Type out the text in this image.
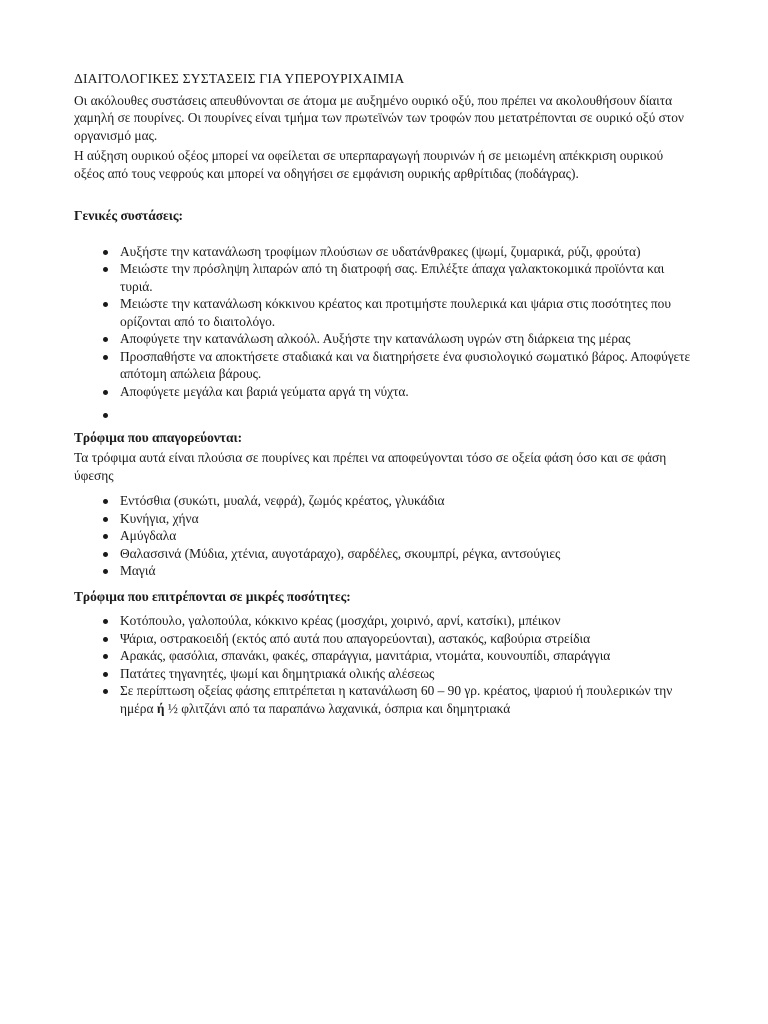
ΔΙΑΙΤΟΛΟΓΙΚΕΣ ΣΥΣΤΑΣΕΙΣ ΓΙΑ ΥΠΕΡΟΥΡΙΧΑΙΜΙΑ

Οι ακόλουθες συστάσεις απευθύνονται σε άτομα με αυξημένο ουρικό οξύ, που πρέπει να ακολουθήσουν δίαιτα χαμηλή σε πουρίνες. Οι πουρίνες είναι τμήμα των πρωτεϊνών των τροφών που μετατρέπονται σε ουρικό οξύ στον οργανισμό μας.

Η αύξηση ουρικού οξέος μπορεί να οφείλεται σε υπερπαραγωγή πουρινών ή σε μειωμένη απέκκριση ουρικού οξέος από τους νεφρούς και μπορεί να οδηγήσει σε εμφάνιση ουρικής αρθρίτιδας (ποδάγρας).

Γενικές συστάσεις:

Αυξήστε την κατανάλωση τροφίμων πλούσιων σε υδατάνθρακες (ψωμί, ζυμαρικά, ρύζι, φρούτα)
Μειώστε την πρόσληψη λιπαρών από τη διατροφή σας. Επιλέξτε άπαχα γαλακτοκομικά προϊόντα και τυριά.
Μειώστε την κατανάλωση κόκκινου κρέατος και προτιμήστε πουλερικά και ψάρια στις ποσότητες που ορίζονται από το διαιτολόγο.
Αποφύγετε την κατανάλωση αλκοόλ. Αυξήστε την κατανάλωση υγρών στη διάρκεια της μέρας
Προσπαθήστε να αποκτήσετε σταδιακά και να διατηρήσετε ένα φυσιολογικό σωματικό βάρος. Αποφύγετε απότομη απώλεια βάρους.
Αποφύγετε μεγάλα και βαριά γεύματα αργά τη νύχτα.

Τρόφιμα που απαγορεύονται:

Τα τρόφιμα αυτά είναι πλούσια σε πουρίνες και πρέπει να αποφεύγονται τόσο σε οξεία φάση όσο και σε φάση ύφεσης

Εντόσθια (συκώτι, μυαλά, νεφρά), ζωμός κρέατος, γλυκάδια
Κυνήγια, χήνα
Αμύγδαλα
Θαλασσινά (Μύδια, χτένια, αυγοτάραχο), σαρδέλες, σκουμπρί, ρέγκα, αντσούγιες
Μαγιά

Τρόφιμα που επιτρέπονται σε μικρές ποσότητες:

Κοτόπουλο, γαλοπούλα, κόκκινο κρέας (μοσχάρι, χοιρινό, αρνί, κατσίκι), μπέικον
Ψάρια, οστρακοειδή (εκτός από αυτά που απαγορεύονται), αστακός, καβούρια στρείδια
Αρακάς, φασόλια, σπανάκι, φακές, σπαράγγια, μανιτάρια, ντομάτα, κουνουπίδι, σπαράγγια
Πατάτες τηγανητές, ψωμί και δημητριακά ολικής αλέσεως
Σε περίπτωση οξείας φάσης επιτρέπεται η κατανάλωση 60 – 90 γρ. κρέατος, ψαριού ή πουλερικών την ημέρα ή ½ φλιτζάνι από τα παραπάνω λαχανικά, όσπρια και δημητριακά
